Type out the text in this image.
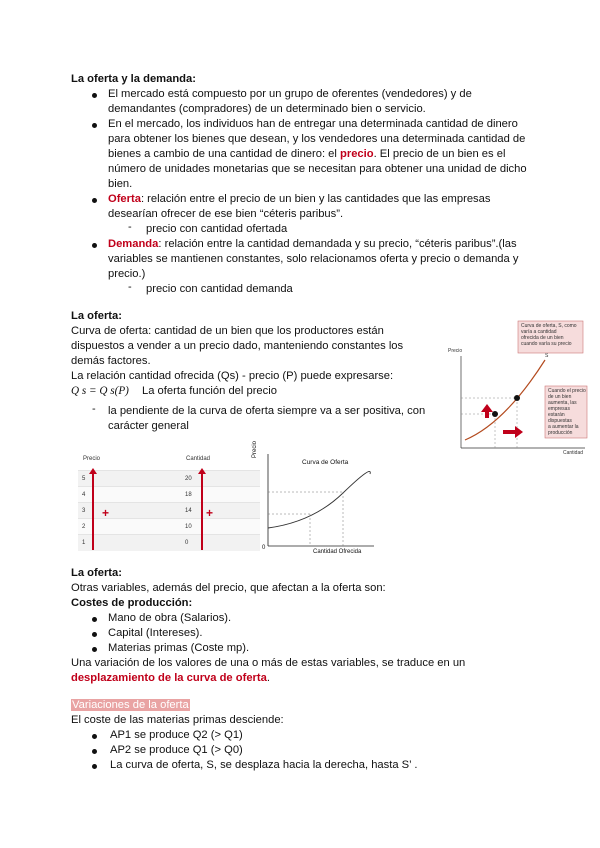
La oferta y la demanda:
El mercado está compuesto por un grupo de oferentes (vendedores) y de
demandantes (compradores) de un determinado bien o servicio.
En el mercado, los individuos han de entregar una determinada cantidad de dinero
para obtener los bienes que desean, y los vendedores una determinada cantidad de
bienes a cambio de una cantidad de dinero: el precio. El precio de un bien es el
número de unidades monetarias que se necesitan para obtener una unidad de dicho
bien.
Oferta: relación entre el precio de un bien y las cantidades que las empresas
desearían ofrecer de ese bien “céteris paribus”.
- precio con cantidad ofertada
Demanda: relación entre la cantidad demandada y su precio, “céteris paribus”.(las
variables se mantienen constantes, solo relacionamos oferta y precio o demanda y
precio.)
- precio con cantidad demanda
La oferta:
Curva de oferta: cantidad de un bien que los productores están
dispuestos a vender a un precio dado, manteniendo constantes los
demás factores.
La relación cantidad ofrecida (Qs) - precio (P) puede expresarse:
Q s = Q s(P) La oferta función del precio
- la pendiente de la curva de oferta siempre va a ser positiva, con
carácter general
Curva de oferta, S, como
varía a cantidad
ofrecida de un bien
cuando varía su precio
Cuando el precio
de un bien
aumenta, las
empresas
estarán dispuestas
a aumentar la
producción
Precio
Cantidad
S
Precio	Cantidad
5	20
4	18
3	14
2	10
1	0
+	+
Curva de Oferta
Precio
Cantidad Ofrecida
0
La oferta:
Otras variables, además del precio, que afectan a la oferta son:
Costes de producción:
Mano de obra (Salarios).
Capital (Intereses).
Materias primas (Coste mp).
Una variación de los valores de una o más de estas variables, se traduce en un
desplazamiento de la curva de oferta.
Variaciones de la oferta
El coste de las materias primas desciende:
AP1 se produce Q2 (> Q1)
AP2 se produce Q1 (> Q0)
La curva de oferta, S, se desplaza hacia la derecha, hasta S’ .
